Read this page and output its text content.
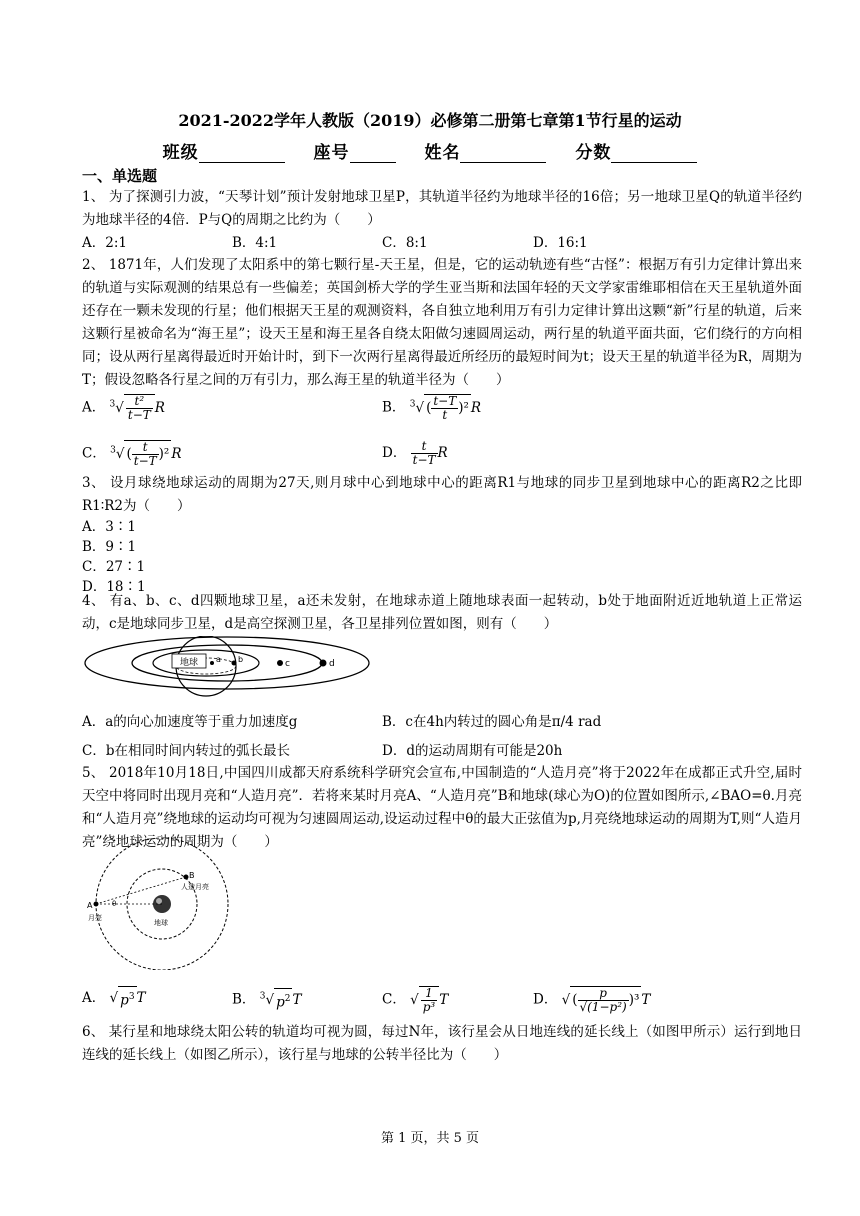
2021-2022学年人教版（2019）必修第二册第七章第1节行星的运动
班级	座号	姓名	分数
一、单选题
1、 为了探测引力波，“天琴计划”预计发射地球卫星P，其轨道半径约为地球半径的16倍；另一地球卫星Q的轨道半径约为地球半径的4倍．P与Q的周期之比约为（　　）
A．2:1	B．4:1	C．8:1	D．16:1
2、 1871年，人们发现了太阳系中的第七颗行星-天王星，但是，它的运动轨迹有些“古怪”：根据万有引力定律计算出来的轨道与实际观测的结果总有一些偏差；英国剑桥大学的学生亚当斯和法国年轻的天文学家雷维耶相信在天王星轨道外面还存在一颗未发现的行星；他们根据天王星的观测资料，各自独立地利用万有引力定律计算出这颗“新”行星的轨道，后来这颗行星被命名为“海王星”；设天王星和海王星各自绕太阳做匀速圆周运动，两行星的轨道平面共面，它们绕行的方向相同；设从两行星离得最近时开始计时，到下一次两行星离得最近所经历的最短时间为t；设天王星的轨道半径为R，周期为T；假设忽略各行星之间的万有引力，那么海王星的轨道半径为（　　）
A． $^3√ \frac{\text{t²}}{t-T}$ R	B． $^3$√ ( $\frac{t-T}{t} )^2$ R
C． $^3$√ ( $\frac{t}{t-T} )^2$ R	D． $\frac{t}{t-T}$ R
3、 设月球绕地球运动的周期为27天,则月球中心到地球中心的距离R1与地球的同步卫星到地球中心的距离R2之比即R1∶R2为（　　）
A．3∶1
B．9∶1
C．27∶1
D．18∶1
4、 有a、b、c、d四颗地球卫星，a还未发射，在地球赤道上随地球表面一起转动，b处于地面附近近地轨道上正常运动，c是地球同步卫星，d是高空探测卫星，各卫星排列位置如图，则有（　　）
地球 a b	c	d
A．a的向心加速度等于重力加速度g	B．c在4h内转过的圆心角是π/4 rad
C．b在相同时间内转过的弧长最长	D．d的运动周期有可能是20h
5、 2018年10月18日,中国四川成都天府系统科学研究会宣布,中国制造的“人造月亮”将于2022年在成都正式升空,届时天空中将同时出现月亮和“人造月亮”．若将来某时月亮A、“人造月亮”B和地球(球心为O)的位置如图所示,∠BAO=θ.月亮和“人造月亮”绕地球的运动均可视为匀速圆周运动,设运动过程中θ的最大正弦值为p,月亮绕地球运动的周期为T,则“人造月亮”绕地球运动的周期为（　　）
A
月亮
B
人造月亮
θ
地球
A． √ $p^3$ T	B． $^3$√ $p^2$ T	C． √ $\frac{1}{\text{p³}}$ T	D． √ ( $\frac{p}{\text{√(1−p²)}} )^3$ T
6、 某行星和地球绕太阳公转的轨道均可视为圆，每过N年，该行星会从日地连线的延长线上（如图甲所示）运行到地日连线的延长线上（如图乙所示），该行星与地球的公转半径比为（　　）
第 1 页，共 5 页
